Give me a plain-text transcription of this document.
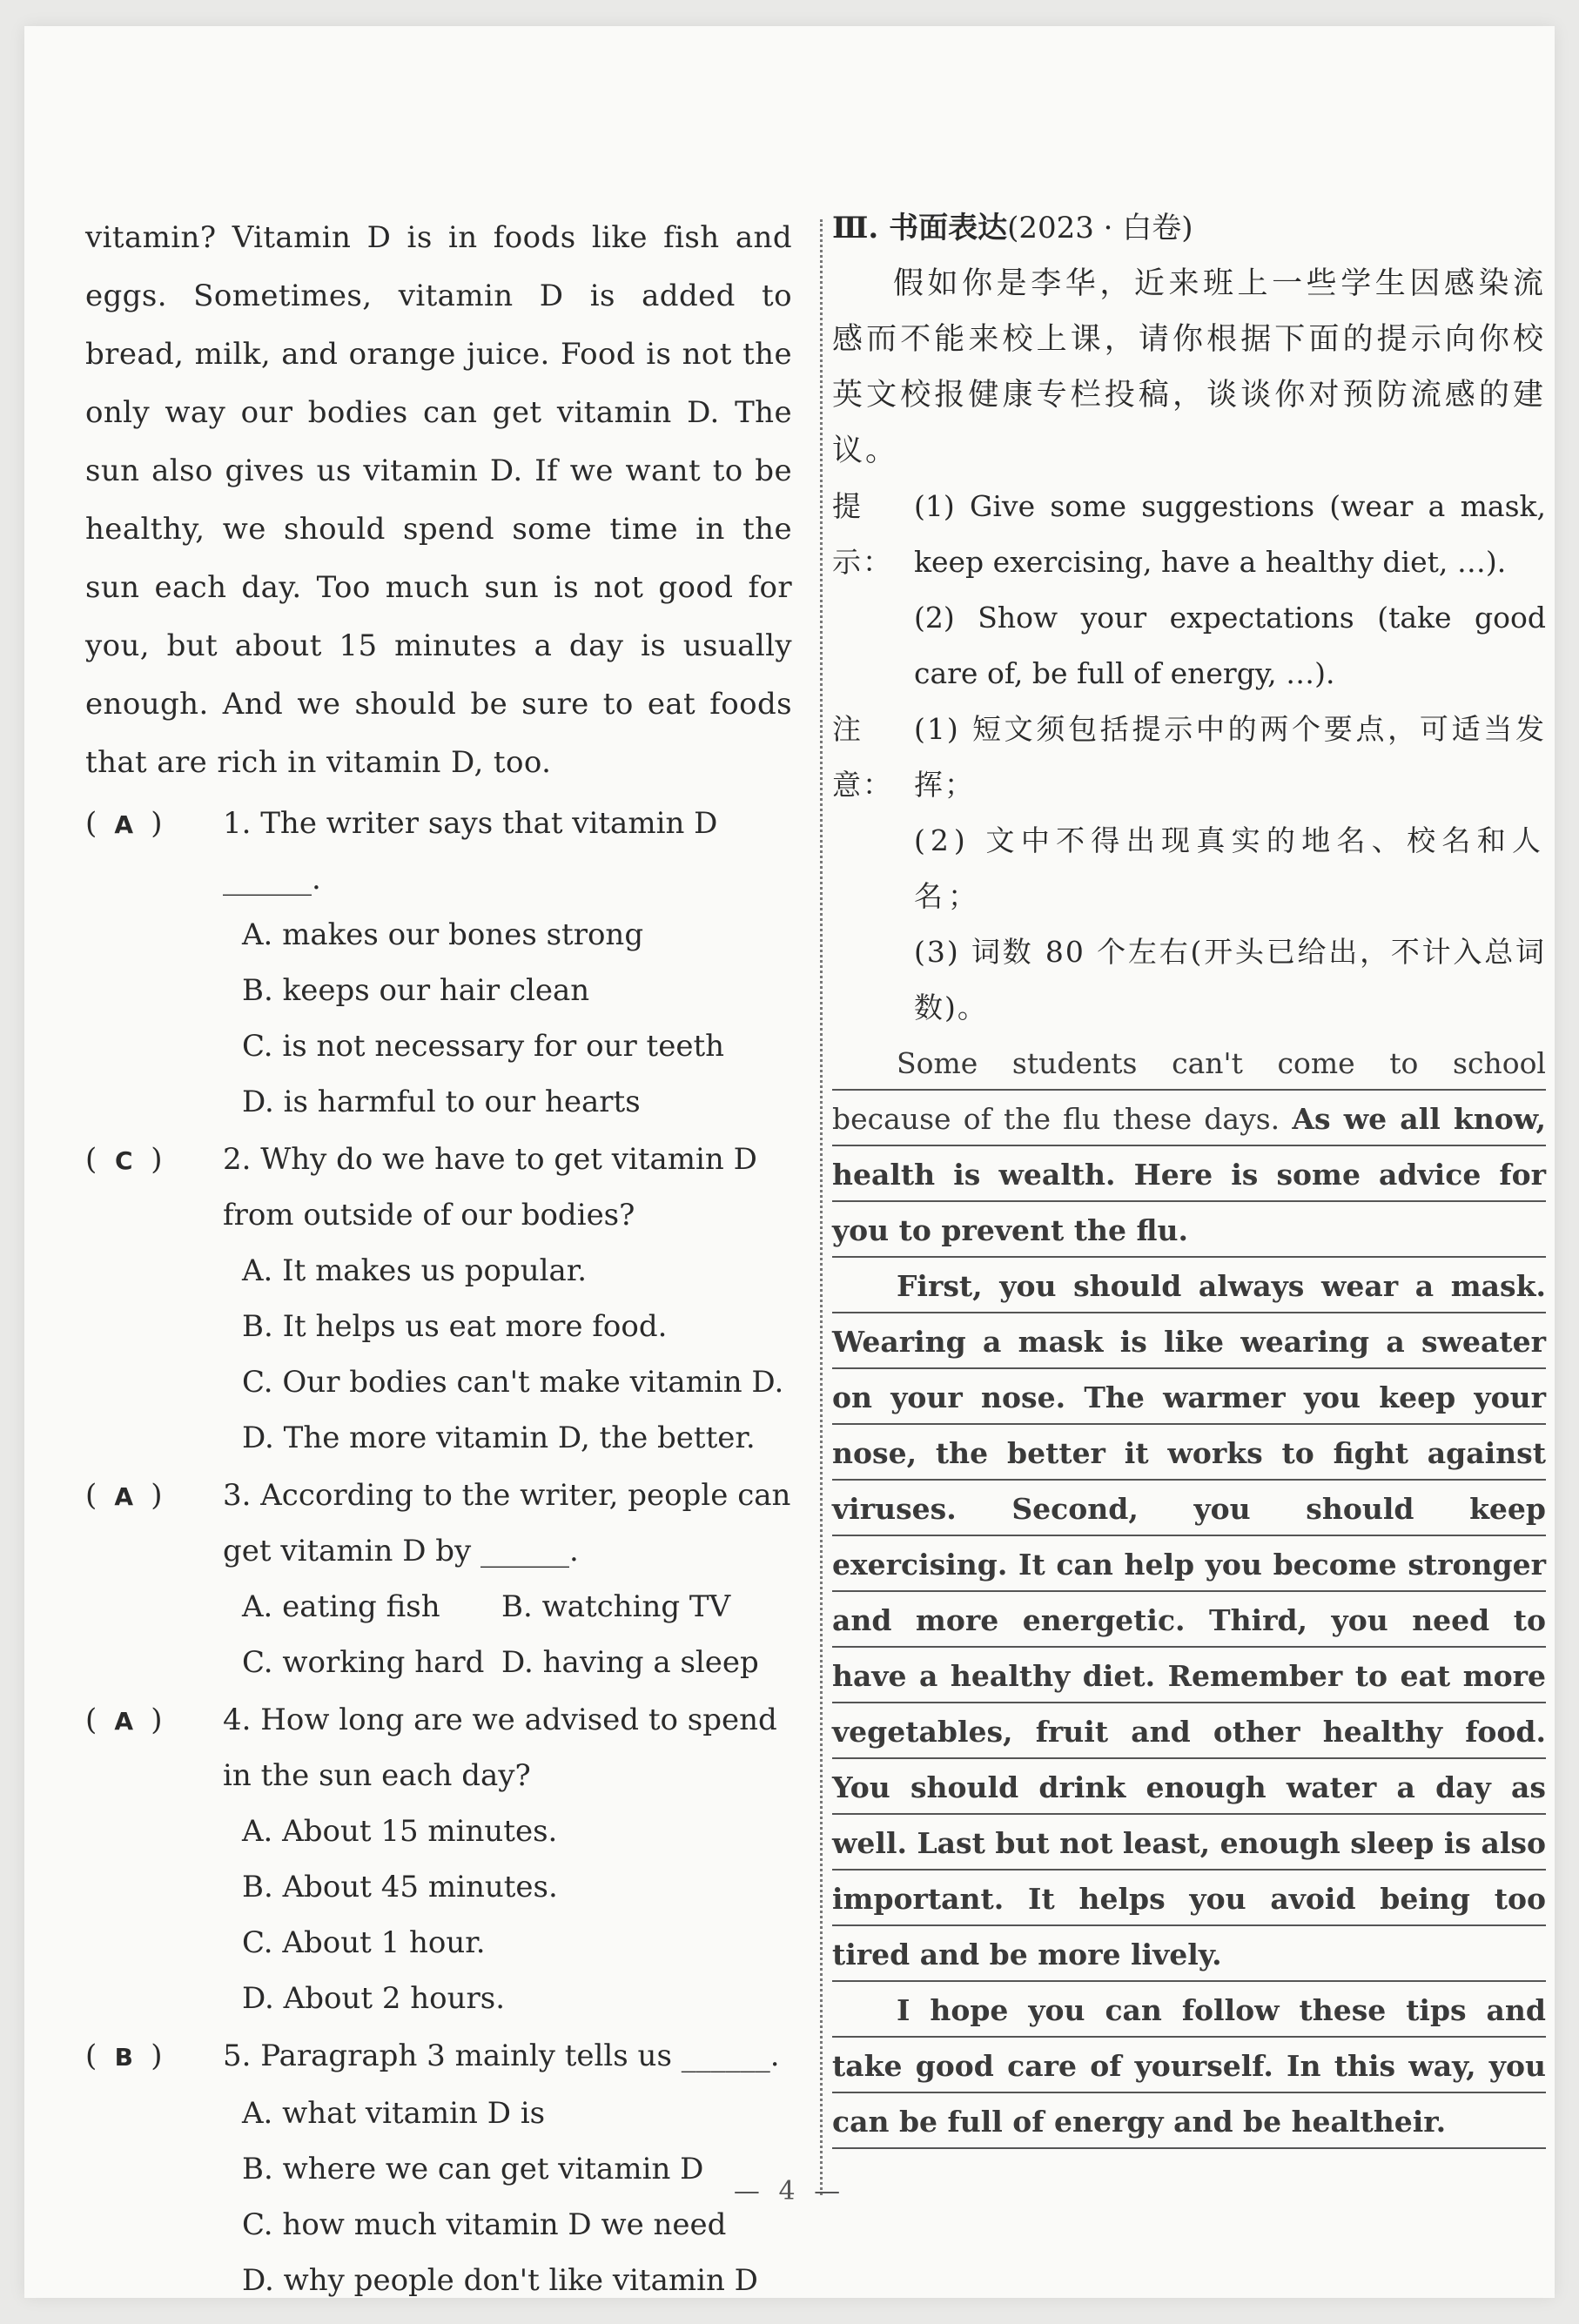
vitamin? Vitamin D is in foods like fish and eggs. Sometimes, vitamin D is added to bread, milk, and orange juice. Food is not the only way our bodies can get vitamin D. The sun also gives us vitamin D. If we want to be healthy, we should spend some time in the sun each day. Too much sun is not good for you, but about 15 minutes a day is usually enough. And we should be sure to eat foods that are rich in vitamin D, too.

( A )	1. The writer says that vitamin D ______.
A. makes our bones strong
B. keeps our hair clean
C. is not necessary for our teeth
D. is harmful to our hearts
( C )	2. Why do we have to get vitamin D from outside of our bodies?
A. It makes us popular.
B. It helps us eat more food.
C. Our bodies can't make vitamin D.
D. The more vitamin D, the better.
( A )	3. According to the writer, people can get vitamin D by ______.
A. eating fish	B. watching TV
C. working hard D. having a sleep
( A )	4. How long are we advised to spend in the sun each day?
A. About 15 minutes.
B. About 45 minutes.
C. About 1 hour.
D. About 2 hours.
( B )	5. Paragraph 3 mainly tells us ______.
A. what vitamin D is
B. where we can get vitamin D
C. how much vitamin D we need
D. why people don't like vitamin D
Ⅲ. 书面表达(2023 · 白卷)

假如你是李华，近来班上一些学生因感染流感而不能来校上课，请你根据下面的提示向你校英文校报健康专栏投稿，谈谈你对预防流感的建议。

提示：
(1) Give some suggestions (wear a mask, keep exercising, have a healthy diet, …).
(2) Show your expectations (take good care of, be full of energy, …).
注意：
(1) 短文须包括提示中的两个要点，可适当发挥；
(2) 文中不得出现真实的地名、校名和人名；
(3) 词数 80 个左右(开头已给出，不计入总词数)。

Some students can't come to school because of the flu these days. As we all know, health is wealth. Here is some advice for you to prevent the flu.

First, you should always wear a mask. Wearing a mask is like wearing a sweater on your nose. The warmer you keep your nose, the better it works to fight against viruses. Second, you should keep exercising. It can help you become stronger and more energetic. Third, you need to have a healthy diet. Remember to eat more vegetables, fruit and other healthy food. You should drink enough water a day as well. Last but not least, enough sleep is also important. It helps you avoid being too tired and be more lively.

I hope you can follow these tips and take good care of yourself. In this way, you can be full of energy and be healtheir.

— 4 —
